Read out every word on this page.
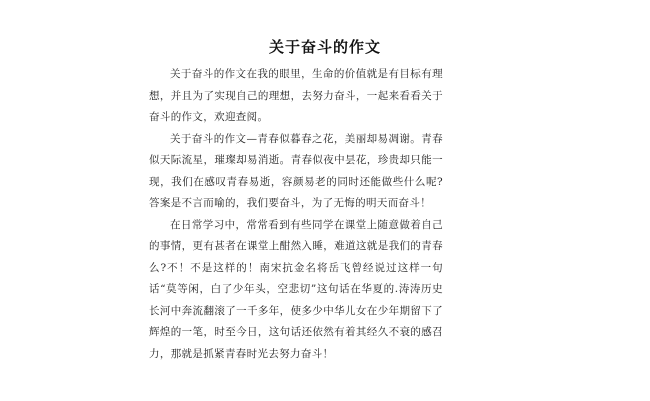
关于奋斗的作文

关于奋斗的作文在我的眼里，生命的价值就是有目标有理想，并且为了实现自己的理想，去努力奋斗，一起来看看关于奋斗的作文，欢迎查阅。

关于奋斗的作文—青春似暮春之花，美丽却易凋谢。青春似天际流星，璀璨却易消逝。青春似夜中昙花，珍贵却只能一现，我们在感叹青春易逝，容颜易老的同时还能做些什么呢?答案是不言而喻的，我们要奋斗，为了无悔的明天而奋斗！

在日常学习中，常常看到有些同学在课堂上随意做着自己的事情，更有甚者在课堂上酣然入睡，难道这就是我们的青春么?不！不是这样的！南宋抗金名将岳飞曾经说过这样一句话“莫等闲，白了少年头，空悲切”这句话在华夏的.涛涛历史长河中奔流翻滚了一千多年，使多少中华儿女在少年期留下了辉煌的一笔，时至今日，这句话还依然有着其经久不衰的感召力，那就是抓紧青春时光去努力奋斗！
